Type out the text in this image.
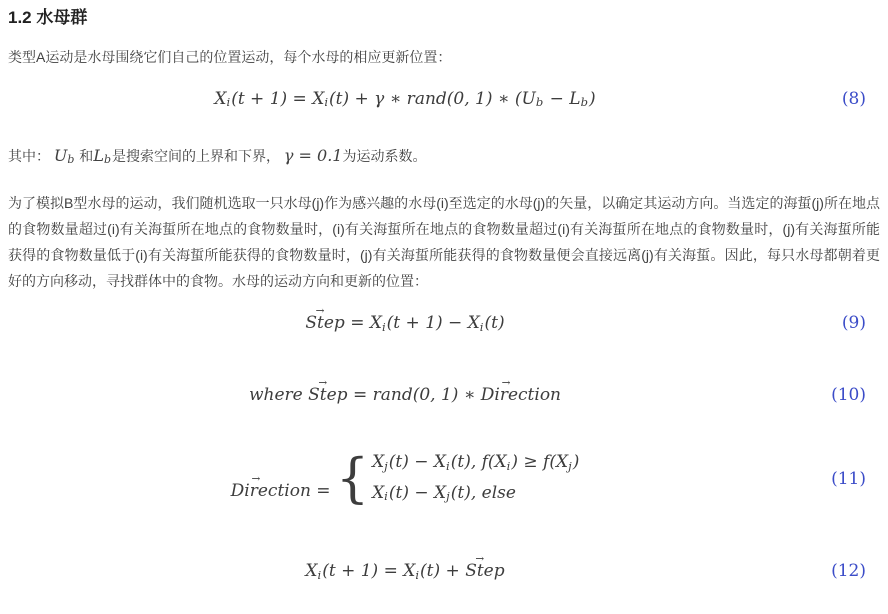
1.2 水母群

类型A运动是水母围绕它们自己的位置运动，每个水母的相应更新位置：

Xi(t + 1) = Xi(t) + γ ∗ rand(0, 1) ∗ (Ub − Lb)	(8)

其中： Ub 和Lb是搜索空间的上界和下界， γ = 0.1为运动系数。

为了模拟B型水母的运动，我们随机选取一只水母(j)作为感兴趣的水母(i)至选定的水母(j)的矢量，以确定其运动方向。当选定的海蜇(j)所在地点的食物数量超过(i)有关海蜇所在地点的食物数量时，(i)有关海蜇所在地点的食物数量超过(i)有关海蜇所在地点的食物数量时，(j)有关海蜇所能获得的食物数量低于(i)有关海蜇所能获得的食物数量时，(j)有关海蜇所能获得的食物数量便会直接远离(j)有关海蜇。因此，每只水母都朝着更好的方向移动，寻找群体中的食物。水母的运动方向和更新的位置：

Step → = Xi(t + 1) − Xi(t)	(9)
where Step → = rand(0, 1) ∗ Direction →	(10)
Direction → = { Xj(t) − Xi(t), f(Xi) ≥ f(Xj)
Xi(t) − Xj(t), else
(11)
Xi(t + 1) = Xi(t) + Step →	(12)
